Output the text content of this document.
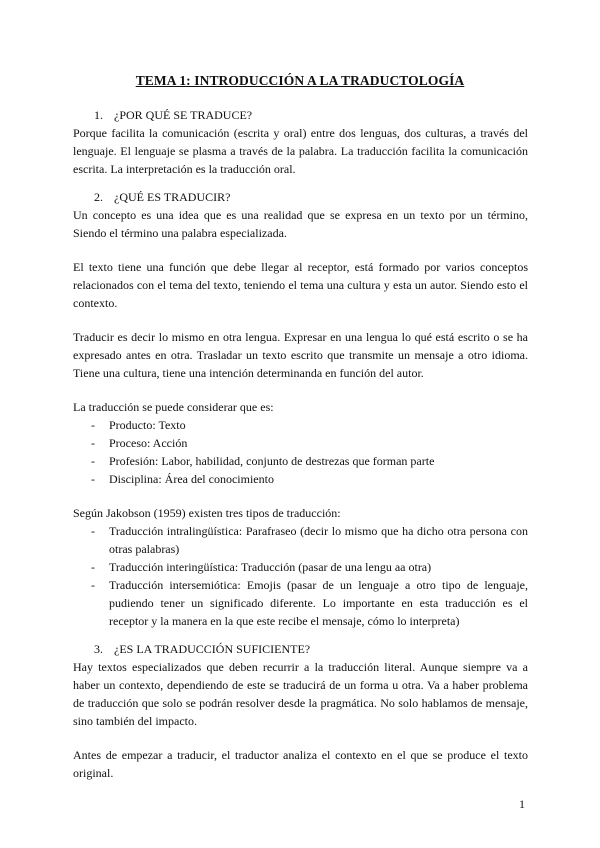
TEMA 1: INTRODUCCIÓN A LA TRADUCTOLOGÍA
1. ¿POR QUÉ SE TRADUCE?

Porque facilita la comunicación (escrita y oral) entre dos lenguas, dos culturas, a través del lenguaje. El lenguaje se plasma a través de la palabra. La traducción facilita la comunicación escrita. La interpretación es la traducción oral.

2. ¿QUÉ ES TRADUCIR?

Un concepto es una idea que es una realidad que se expresa en un texto por un término, Siendo el término una palabra especializada.

El texto tiene una función que debe llegar al receptor, está formado por varios conceptos relacionados con el tema del texto, teniendo el tema una cultura y esta un autor. Siendo esto el contexto.

Traducir es decir lo mismo en otra lengua. Expresar en una lengua lo qué está escrito o se ha expresado antes en otra. Trasladar un texto escrito que transmite un mensaje a otro idioma. Tiene una cultura, tiene una intención determinanda en función del autor.

La traducción se puede considerar que es:

- Producto: Texto
- Proceso: Acción
- Profesión: Labor, habilidad, conjunto de destrezas que forman parte
- Disciplina: Área del conocimiento

Según Jakobson (1959) existen tres tipos de traducción:

- Traducción intralingüística: Parafraseo (decir lo mismo que ha dicho otra persona con otras palabras)
- Traducción interingüística: Traducción (pasar de una lengu aa otra)
- Traducción intersemiótica: Emojis (pasar de un lenguaje a otro tipo de lenguaje, pudiendo tener un significado diferente. Lo importante en esta traducción es el receptor y la manera en la que este recibe el mensaje, cómo lo interpreta)
3. ¿ES LA TRADUCCIÓN SUFICIENTE?

Hay textos especializados que deben recurrir a la traducción literal. Aunque siempre va a haber un contexto, dependiendo de este se traducirá de un forma u otra. Va a haber problema de traducción que solo se podrán resolver desde la pragmática. No solo hablamos de mensaje, sino también del impacto.

Antes de empezar a traducir, el traductor analiza el contexto en el que se produce el texto original.

1
